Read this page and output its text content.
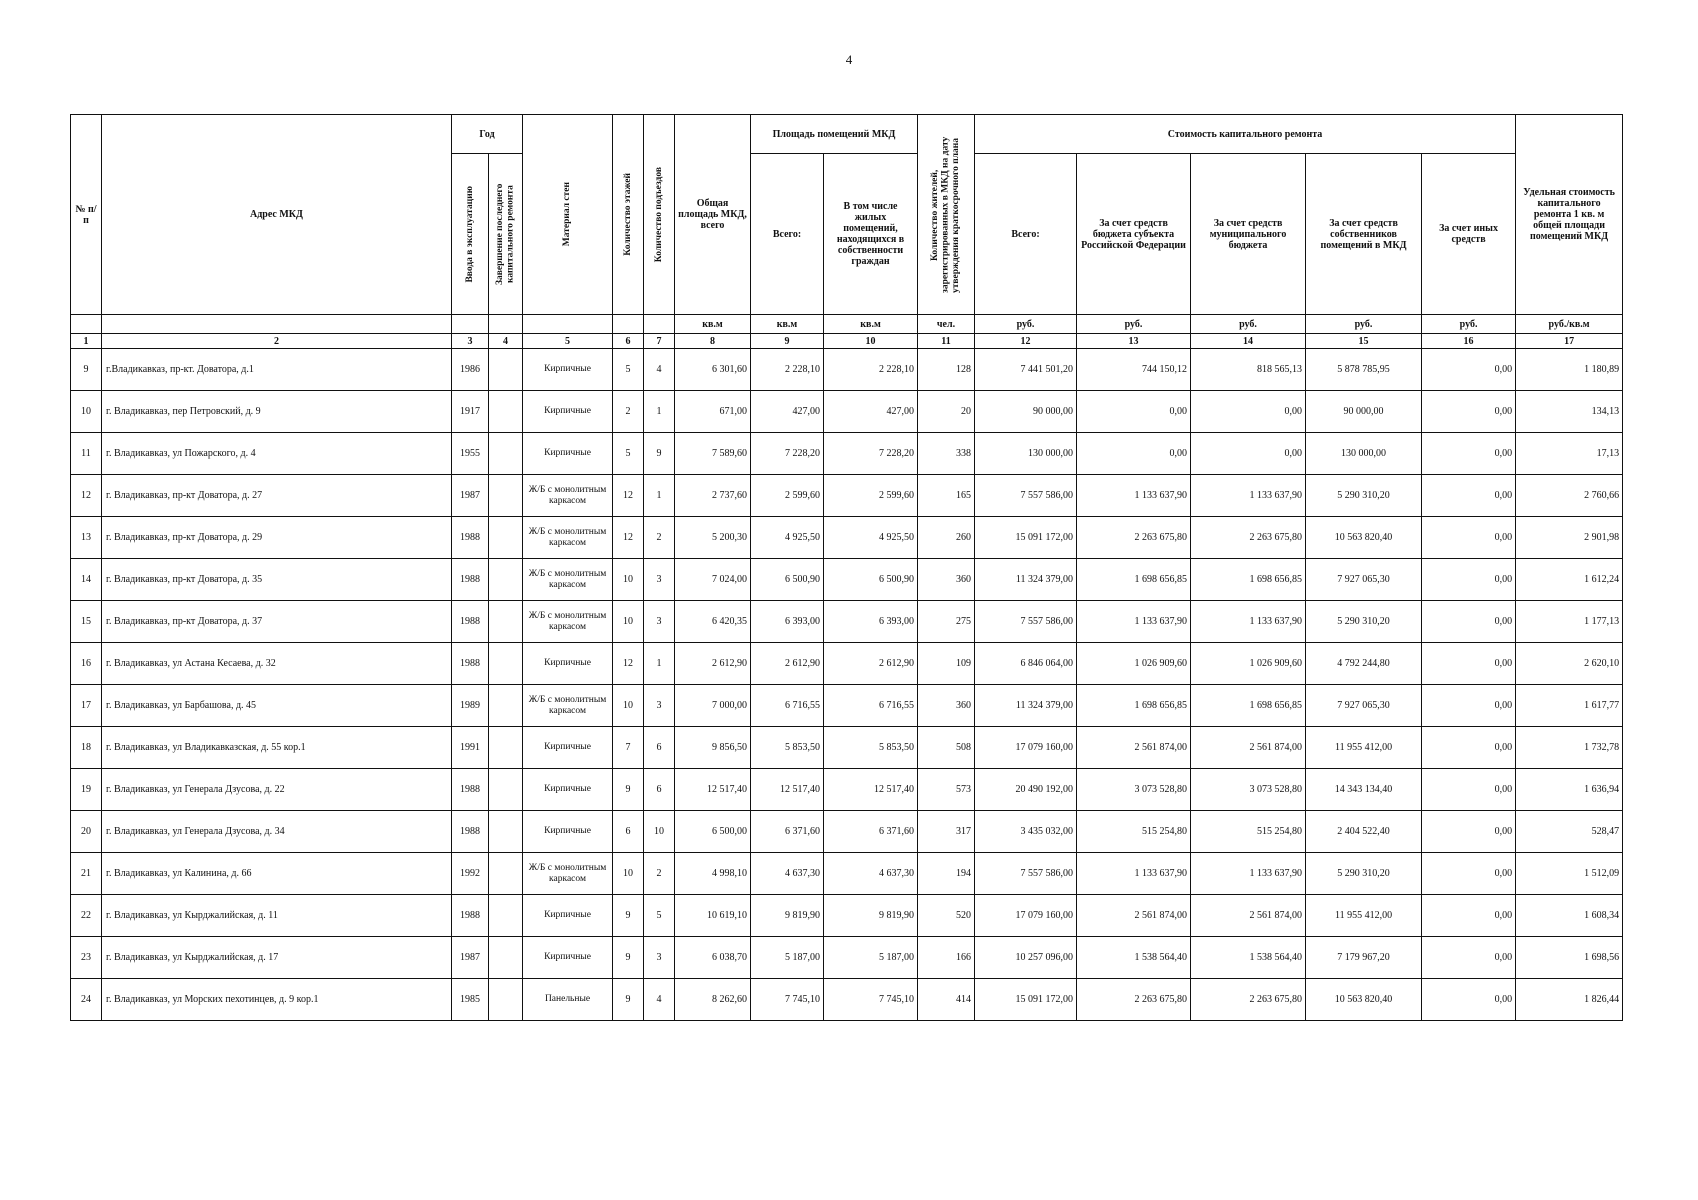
4
№ п/п	Адрес МКД	Год		Материал стен	Количество этажей	Количество подъездов	Общая площадь МКД, всего	Площадь помещений МКД		Количество жителей, зарегистрированных в МКД на дату утверждения краткосрочного плана	Стоимость капитального ремонта					Удельная стоимость капитального ремонта 1 кв. м общей площади помещений МКД

		Ввода в эксплуатацию	Завершение последнего капитального ремонта					Всего:	В том числе жилых помещений, находящихся в собственности граждан		Всего:	За счет средств бюджета субъекта Российской Федерации	За счет средств муниципального бюджета	За счет средств собственников помещений в МКД	За счет иных средств	
							кв.м	кв.м	кв.м	чел.	руб.	руб.	руб.	руб.	руб.	руб./кв.м
1	2	3	4	5	6	7	8	9	10	11	12	13	14	15	16	17
9	г.Владикавказ, пр-кт. Доватора, д.1	1986		Кирпичные	5	4	6 301,60	2 228,10	2 228,10	128	7 441 501,20	744 150,12	818 565,13	5 878 785,95	0,00	1 180,89
10	г. Владикавказ, пер Петровский, д. 9	1917		Кирпичные	2	1	671,00	427,00	427,00	20	90 000,00	0,00	0,00	90 000,00	0,00	134,13
11	г. Владикавказ, ул Пожарского, д. 4	1955		Кирпичные	5	9	7 589,60	7 228,20	7 228,20	338	130 000,00	0,00	0,00	130 000,00	0,00	17,13
12	г. Владикавказ, пр-кт Доватора, д. 27	1987		Ж/Б с монолитным каркасом	12	1	2 737,60	2 599,60	2 599,60	165	7 557 586,00	1 133 637,90	1 133 637,90	5 290 310,20	0,00	2 760,66
13	г. Владикавказ, пр-кт Доватора, д. 29	1988		Ж/Б с монолитным каркасом	12	2	5 200,30	4 925,50	4 925,50	260	15 091 172,00	2 263 675,80	2 263 675,80	10 563 820,40	0,00	2 901,98
14	г. Владикавказ, пр-кт Доватора, д. 35	1988		Ж/Б с монолитным каркасом	10	3	7 024,00	6 500,90	6 500,90	360	11 324 379,00	1 698 656,85	1 698 656,85	7 927 065,30	0,00	1 612,24
15	г. Владикавказ, пр-кт Доватора, д. 37	1988		Ж/Б с монолитным каркасом	10	3	6 420,35	6 393,00	6 393,00	275	7 557 586,00	1 133 637,90	1 133 637,90	5 290 310,20	0,00	1 177,13
16	г. Владикавказ, ул Астана Кесаева, д. 32	1988		Кирпичные	12	1	2 612,90	2 612,90	2 612,90	109	6 846 064,00	1 026 909,60	1 026 909,60	4 792 244,80	0,00	2 620,10
17	г. Владикавказ, ул Барбашова, д. 45	1989		Ж/Б с монолитным каркасом	10	3	7 000,00	6 716,55	6 716,55	360	11 324 379,00	1 698 656,85	1 698 656,85	7 927 065,30	0,00	1 617,77
18	г. Владикавказ, ул Владикавказская, д. 55 кор.1	1991		Кирпичные	7	6	9 856,50	5 853,50	5 853,50	508	17 079 160,00	2 561 874,00	2 561 874,00	11 955 412,00	0,00	1 732,78
19	г. Владикавказ, ул Генерала Дзусова, д. 22	1988		Кирпичные	9	6	12 517,40	12 517,40	12 517,40	573	20 490 192,00	3 073 528,80	3 073 528,80	14 343 134,40	0,00	1 636,94
20	г. Владикавказ, ул Генерала Дзусова, д. 34	1988		Кирпичные	6	10	6 500,00	6 371,60	6 371,60	317	3 435 032,00	515 254,80	515 254,80	2 404 522,40	0,00	528,47
21	г. Владикавказ, ул Калинина, д. 66	1992		Ж/Б с монолитным каркасом	10	2	4 998,10	4 637,30	4 637,30	194	7 557 586,00	1 133 637,90	1 133 637,90	5 290 310,20	0,00	1 512,09
22	г. Владикавказ, ул Кырджалийская, д. 11	1988		Кирпичные	9	5	10 619,10	9 819,90	9 819,90	520	17 079 160,00	2 561 874,00	2 561 874,00	11 955 412,00	0,00	1 608,34
23	г. Владикавказ, ул Кырджалийская, д. 17	1987		Кирпичные	9	3	6 038,70	5 187,00	5 187,00	166	10 257 096,00	1 538 564,40	1 538 564,40	7 179 967,20	0,00	1 698,56
24	г. Владикавказ, ул Морских пехотинцев, д. 9 кор.1	1985		Панельные	9	4	8 262,60	7 745,10	7 745,10	414	15 091 172,00	2 263 675,80	2 263 675,80	10 563 820,40	0,00	1 826,44
